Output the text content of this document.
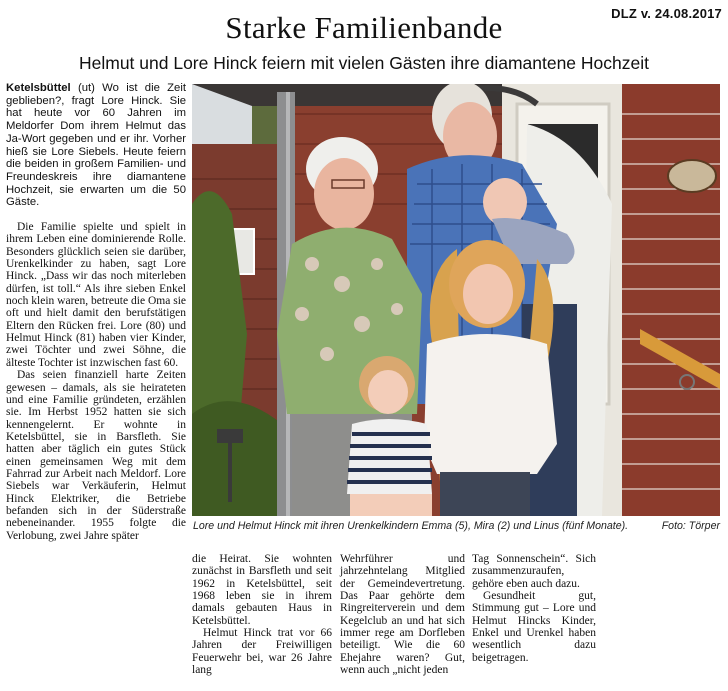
DLZ v. 24.08.2017
Starke Familienbande
Helmut und Lore Hinck feiern mit vielen Gästen ihre diamantene Hochzeit

Ketelsbüttel (ut) Wo ist die Zeit geblieben?, fragt Lore Hinck. Sie hat heute vor 60 Jahren im Meldorfer Dom ihrem Helmut das Ja-Wort gegeben und er ihr. Vorher hieß sie Lore Siebels. Heute feiern die beiden in großem Familien- und Freundeskreis ihre diamantene Hochzeit, sie erwarten um die 50 Gäste.

Die Familie spielte und spielt in ihrem Leben eine dominierende Rolle. Besonders glücklich seien sie darüber, Urenkelkinder zu haben, sagt Lore Hinck. „Dass wir das noch miterleben dürfen, ist toll.“ Als ihre sieben Enkel noch klein waren, betreute die Oma sie oft und hielt damit den berufstätigen Eltern den Rücken frei. Lore (80) und Helmut Hinck (81) haben vier Kinder, zwei Töchter und zwei Söhne, die älteste Tochter ist inzwischen fast 60.

Das seien finanziell harte Zeiten gewesen – damals, als sie heirateten und eine Familie gründeten, erzählen sie. Im Herbst 1952 hatten sie sich kennengelernt. Er wohnte in Ketelsbüttel, sie in Barsfleth. Sie hatten aber täglich ein gutes Stück einen gemeinsamen Weg mit dem Fahrrad zur Arbeit nach Meldorf. Lore Siebels war Verkäuferin, Helmut Hinck Elektriker, die Betriebe befanden sich in der Süderstraße nebeneinander. 1955 folgte die Verlobung, zwei Jahre später

Lore und Helmut Hinck mit ihren Urenkelkindern Emma (5), Mira (2) und Linus (fünf Monate).	Foto: Törper

die Heirat. Sie wohnten zunächst in Barsfleth und seit 1962 in Ketelsbüttel, seit 1968 leben sie in ihrem damals gebauten Haus in Ketelsbüttel.

Helmut Hinck trat vor 66 Jahren der Freiwilligen Feuerwehr bei, war 26 Jahre lang

Wehrführer und jahrzehntelang Mitglied der Gemeindevertretung. Das Paar gehörte dem Ringreiterverein und dem Kegelclub an und hat sich immer rege am Dorfleben beteiligt. Wie die 60 Ehejahre waren? Gut, wenn auch „nicht jeden

Tag Sonnenschein“. Sich zusammenzuraufen, gehöre eben auch dazu.

Gesundheit gut, Stimmung gut – Lore und Helmut Hincks Kinder, Enkel und Urenkel haben wesentlich dazu beigetragen.
